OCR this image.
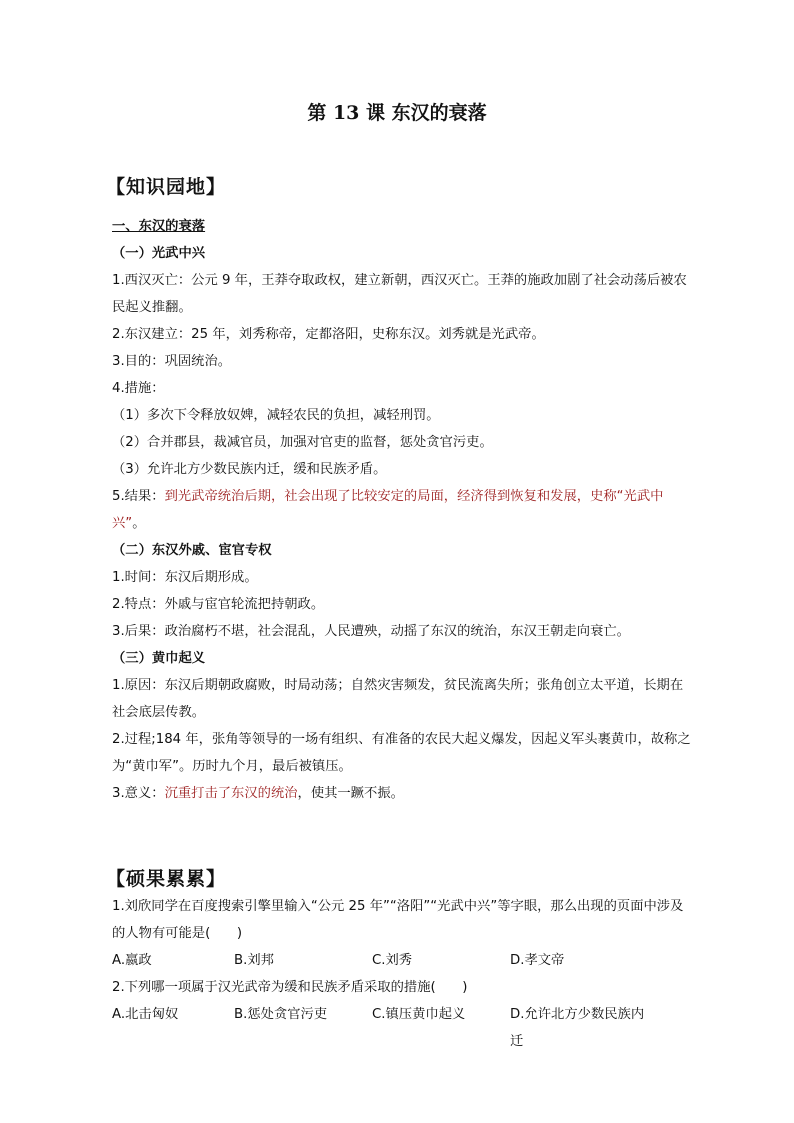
第 13 课 东汉的衰落
【知识园地】

一、东汉的衰落

（一）光武中兴

1.西汉灭亡：公元 9 年，王莽夺取政权，建立新朝，西汉灭亡。王莽的施政加剧了社会动荡后被农民起义推翻。

2.东汉建立：25 年，刘秀称帝，定都洛阳，史称东汉。刘秀就是光武帝。

3.目的：巩固统治。

4.措施：

（1）多次下令释放奴婢，减轻农民的负担，减轻刑罚。

（2）合并郡县，裁减官员，加强对官吏的监督，惩处贪官污吏。

（3）允许北方少数民族内迁，缓和民族矛盾。

5.结果：到光武帝统治后期，社会出现了比较安定的局面，经济得到恢复和发展，史称“光武中兴”。

（二）东汉外戚、宦官专权

1.时间：东汉后期形成。

2.特点：外戚与宦官轮流把持朝政。

3.后果：政治腐朽不堪，社会混乱，人民遭殃，动摇了东汉的统治，东汉王朝走向衰亡。

（三）黄巾起义

1.原因：东汉后期朝政腐败，时局动荡；自然灾害频发，贫民流离失所；张角创立太平道，长期在社会底层传教。

2.过程;184 年，张角等领导的一场有组织、有准备的农民大起义爆发，因起义军头裹黄巾，故称之为“黄巾军”。历时九个月，最后被镇压。

3.意义：沉重打击了东汉的统治，使其一蹶不振。

【硕果累累】

1.刘欣同学在百度搜索引擎里输入“公元 25 年”“洛阳”“光武中兴”等字眼，那么出现的页面中涉及的人物有可能是(　　)

A.嬴政	B.刘邦	C.刘秀	D.孝文帝

2.下列哪一项属于汉光武帝为缓和民族矛盾采取的措施(　　)

A.北击匈奴	B.惩处贪官污吏	C.镇压黄巾起义	D.允许北方少数民族内迁
